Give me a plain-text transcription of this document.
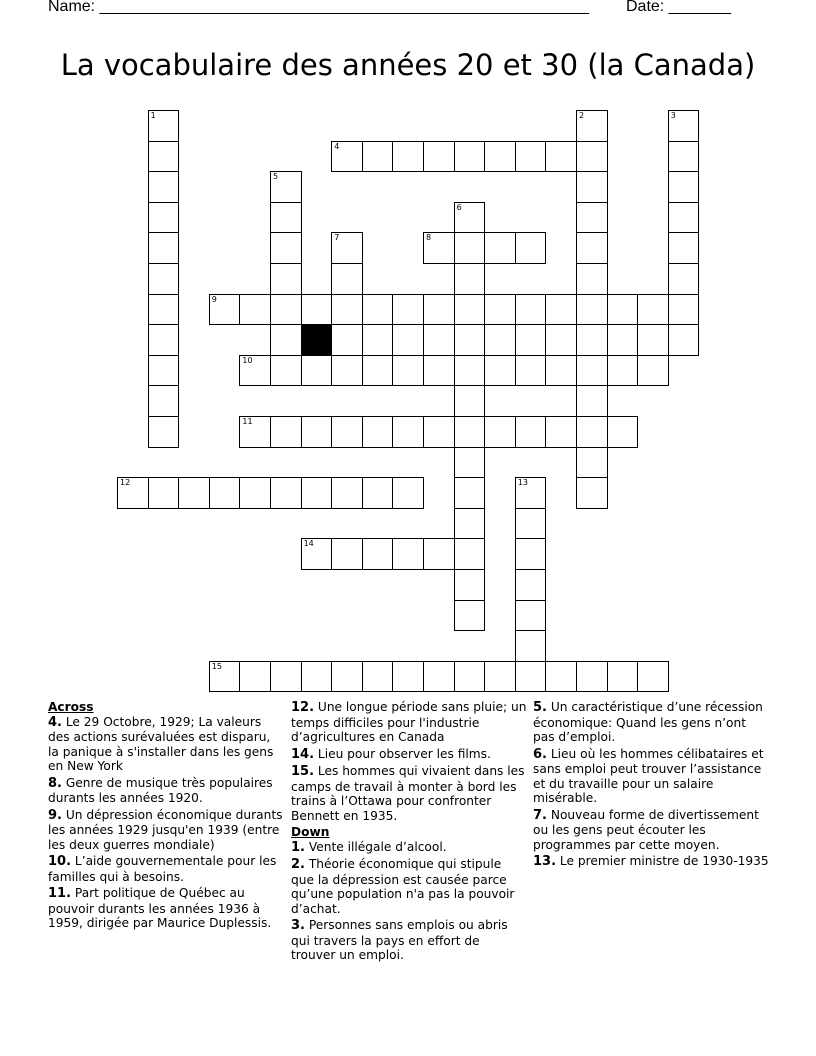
Name: _______________________________________________________ Date: _______
La vocabulaire des années 20 et 30 (la Canada)
1	2	3
4
5
6
7	8
9
10
11
12	13
14
15
Across
4. Le 29 Octobre, 1929; La valeurs des actions surévaluées est disparu, la panique à s'installer dans les gens en New York
8. Genre de musique très populaires durants les années 1920.
9. Un dépression économique durants les années 1929 jusqu'en 1939 (entre les deux guerres mondiale)
10. L’aide gouvernementale pour les familles qui à besoins.
11. Part politique de Québec au pouvoir durants les années 1936 à 1959, dirigée par Maurice Duplessis.
12. Une longue période sans pluie; un temps difficiles pour l'industrie d’agricultures en Canada
14. Lieu pour observer les films.
15. Les hommes qui vivaient dans les camps de travail à monter à bord les trains à l’Ottawa pour confronter Bennett en 1935.
Down
1. Vente illégale d’alcool.
2. Théorie économique qui stipule que la dépression est causée parce qu’une population n'a pas la pouvoir d’achat.
3. Personnes sans emplois ou abris qui travers la pays en effort de trouver un emploi.
5. Un caractéristique d’une récession économique: Quand les gens n’ont pas d’emploi.
6. Lieu où les hommes célibataires et sans emploi peut trouver l’assistance et du travaille pour un salaire misérable.
7. Nouveau forme de divertissement ou les gens peut écouter les programmes par cette moyen.
13. Le premier ministre de 1930-1935
